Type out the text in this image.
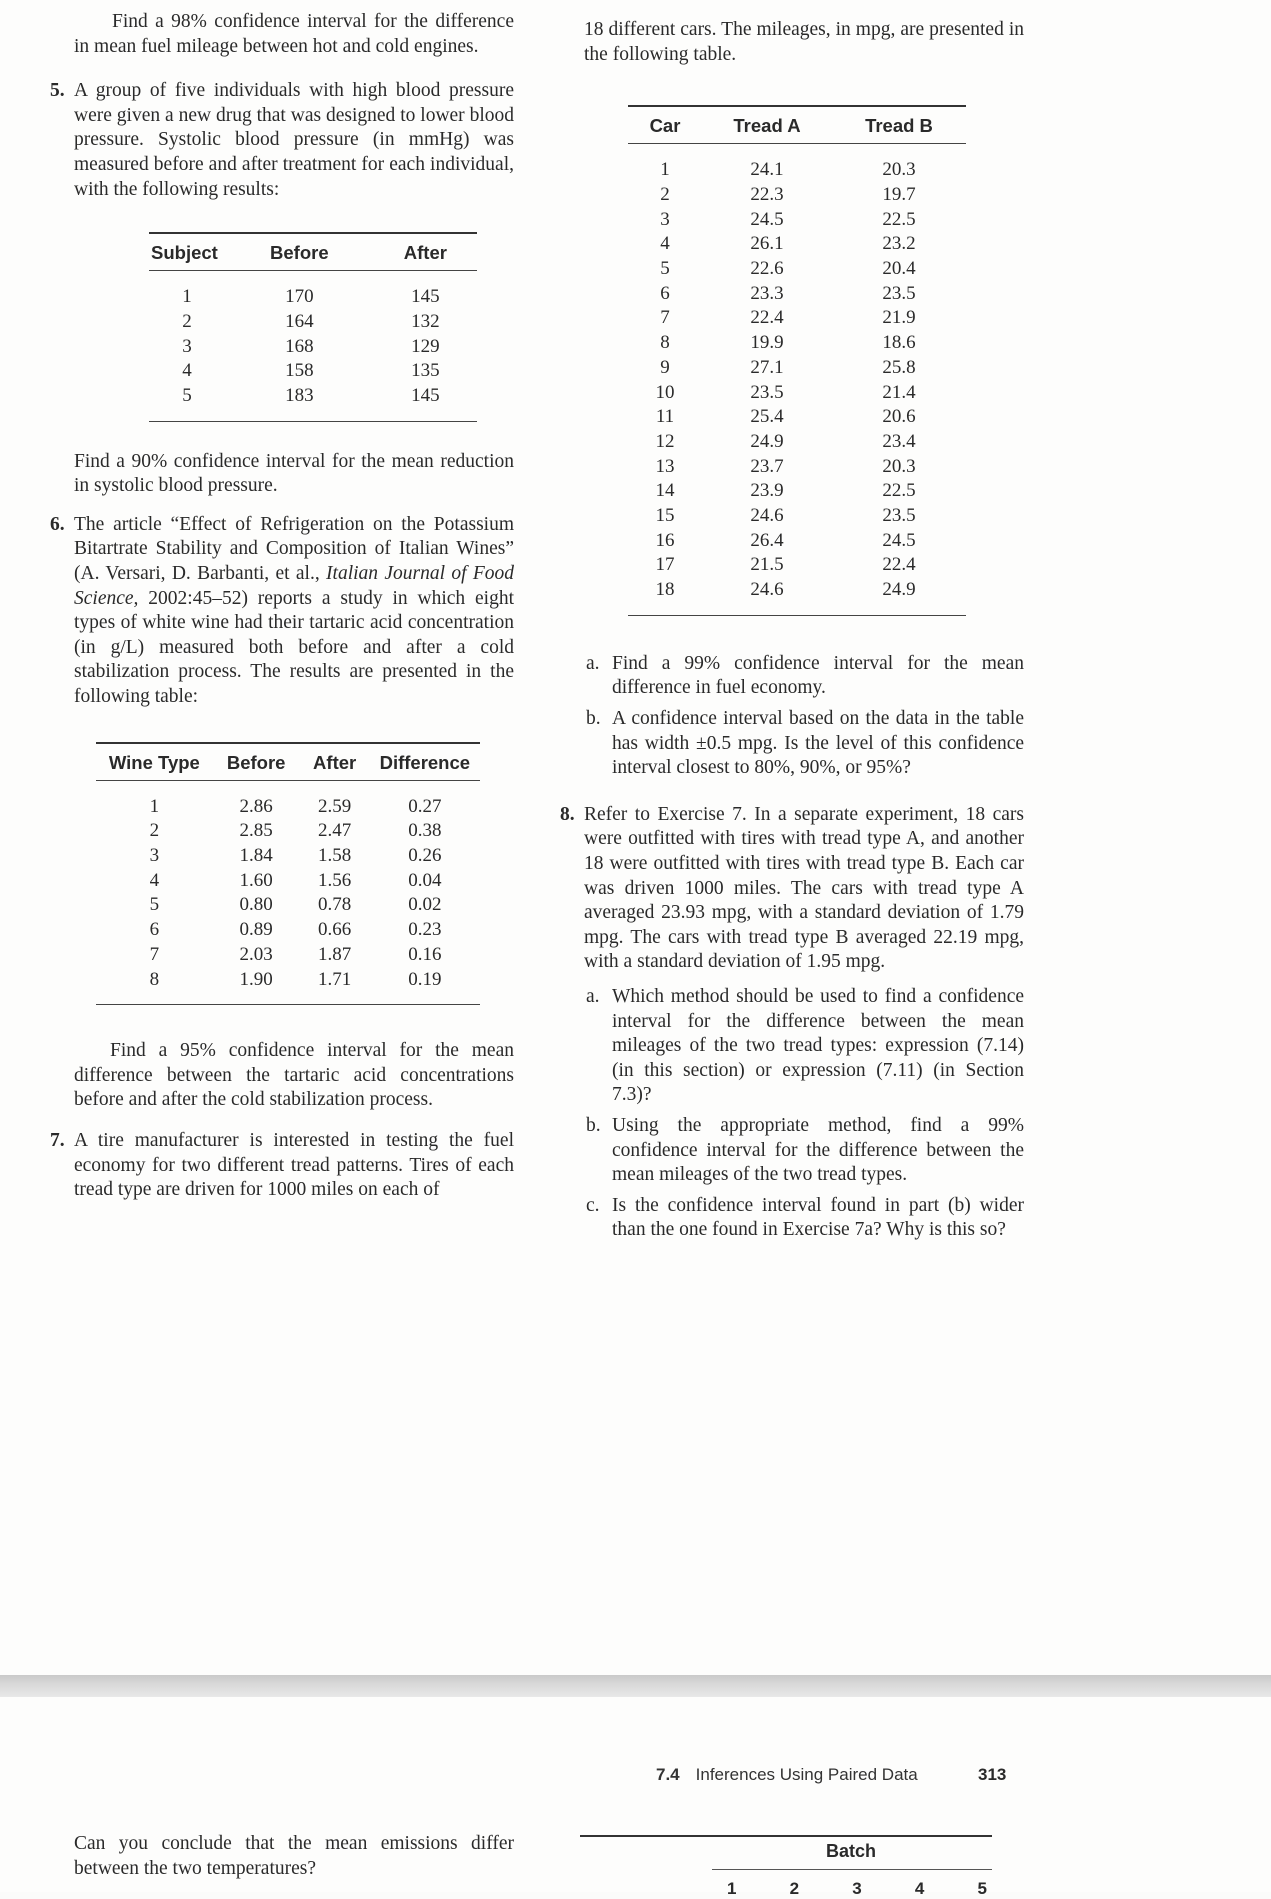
Find a 98% confidence interval for the difference in mean fuel mileage between hot and cold engines.

5. A group of five individuals with high blood pressure were given a new drug that was designed to lower blood pressure. Systolic blood pressure (in mmHg) was measured before and after treatment for each individual, with the following results:

Subject	Before	After
1	170	145
2	164	132
3	168	129
4	158	135
5	183	145

Find a 90% confidence interval for the mean reduction in systolic blood pressure.

6. The article “Effect of Refrigeration on the Potassium Bitartrate Stability and Composition of Italian Wines” (A. Versari, D. Barbanti, et al., Italian Journal of Food Science, 2002:45–52) reports a study in which eight types of white wine had their tartaric acid concentration (in g/L) measured both before and after a cold stabilization process. The results are presented in the following table:

Wine Type	Before	After	Difference
1	2.86	2.59	0.27
2	2.85	2.47	0.38
3	1.84	1.58	0.26
4	1.60	1.56	0.04
5	0.80	0.78	0.02
6	0.89	0.66	0.23
7	2.03	1.87	0.16
8	1.90	1.71	0.19

Find a 95% confidence interval for the mean difference between the tartaric acid concentrations before and after the cold stabilization process.

7. A tire manufacturer is interested in testing the fuel economy for two different tread patterns. Tires of each tread type are driven for 1000 miles on each of

18 different cars. The mileages, in mpg, are presented in the following table.

Car	Tread A	Tread B
1	24.1	20.3
2	22.3	19.7
3	24.5	22.5
4	26.1	23.2
5	22.6	20.4
6	23.3	23.5
7	22.4	21.9
8	19.9	18.6
9	27.1	25.8
10	23.5	21.4
11	25.4	20.6
12	24.9	23.4
13	23.7	20.3
14	23.9	22.5
15	24.6	23.5
16	26.4	24.5
17	21.5	22.4
18	24.6	24.9

a. Find a 99% confidence interval for the mean difference in fuel economy.

b. A confidence interval based on the data in the table has width ±0.5 mpg. Is the level of this confidence interval closest to 80%, 90%, or 95%?

8. Refer to Exercise 7. In a separate experiment, 18 cars were outfitted with tires with tread type A, and another 18 were outfitted with tires with tread type B. Each car was driven 1000 miles. The cars with tread type A averaged 23.93 mpg, with a standard deviation of 1.79 mpg. The cars with tread type B averaged 22.19 mpg, with a standard deviation of 1.95 mpg.

a. Which method should be used to find a confidence interval for the difference between the mean mileages of the two tread types: expression (7.14) (in this section) or expression (7.11) (in Section 7.3)?

b. Using the appropriate method, find a 99% confidence interval for the difference between the mean mileages of the two tread types.

c. Is the confidence interval found in part (b) wider than the one found in Exercise 7a? Why is this so?

7.4 Inferences Using Paired Data	313

Can you conclude that the mean emissions differ between the two temperatures?

Batch
1	2	3	4	5
